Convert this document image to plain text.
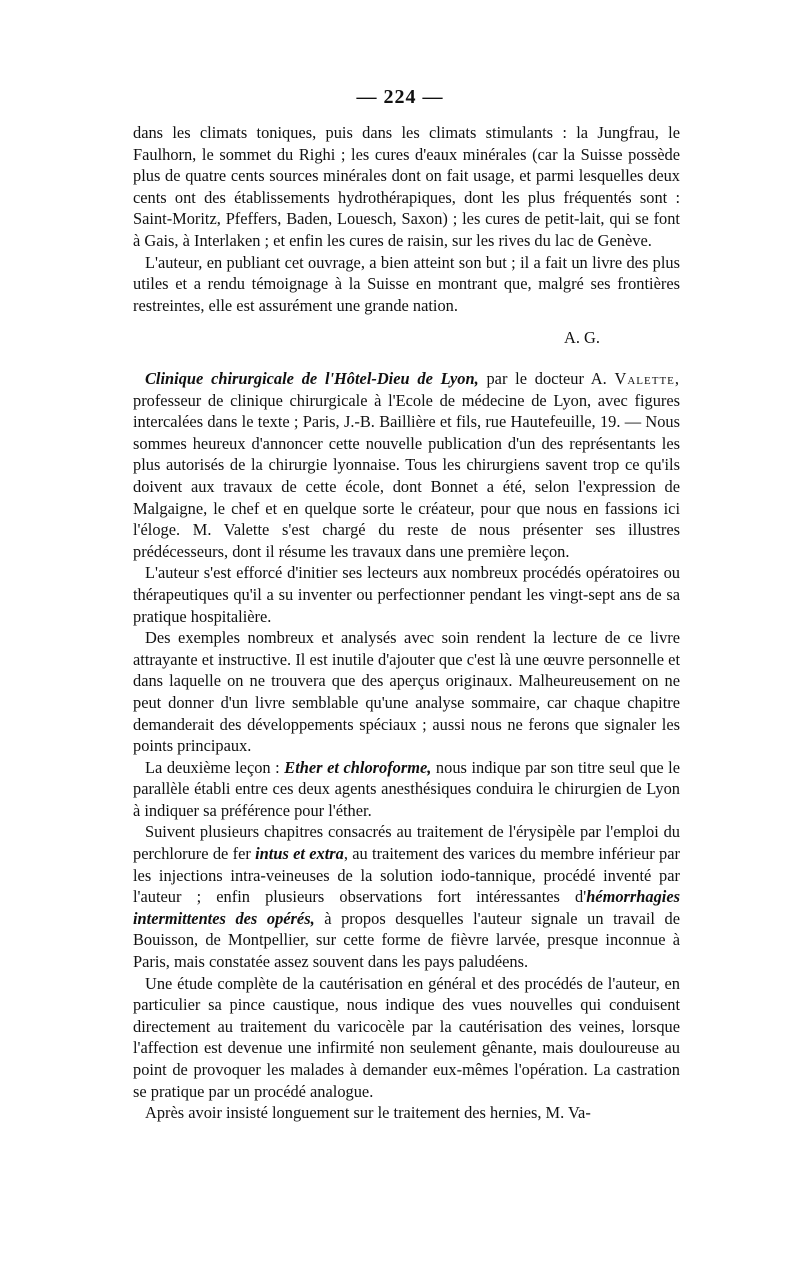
— 224 —

dans les climats toniques, puis dans les climats stimulants : la Jungfrau, le Faulhorn, le sommet du Righi ; les cures d'eaux minérales (car la Suisse possède plus de quatre cents sources minérales dont on fait usage, et parmi lesquelles deux cents ont des établissements hydrothérapiques, dont les plus fréquentés sont : Saint-Moritz, Pfeffers, Baden, Louesch, Saxon) ; les cures de petit-lait, qui se font à Gais, à Interlaken ; et enfin les cures de raisin, sur les rives du lac de Genève.

L'auteur, en publiant cet ouvrage, a bien atteint son but ; il a fait un livre des plus utiles et a rendu témoignage à la Suisse en montrant que, malgré ses frontières restreintes, elle est assurément une grande nation.

A. G.

Clinique chirurgicale de l'Hôtel-Dieu de Lyon, par le docteur A. Valette, professeur de clinique chirurgicale à l'Ecole de médecine de Lyon, avec figures intercalées dans le texte ; Paris, J.-B. Baillière et fils, rue Hautefeuille, 19. — Nous sommes heureux d'annoncer cette nouvelle publication d'un des représentants les plus autorisés de la chirurgie lyonnaise. Tous les chirurgiens savent trop ce qu'ils doivent aux travaux de cette école, dont Bonnet a été, selon l'expression de Malgaigne, le chef et en quelque sorte le créateur, pour que nous en fassions ici l'éloge. M. Valette s'est chargé du reste de nous présenter ses illustres prédécesseurs, dont il résume les travaux dans une première leçon.

L'auteur s'est efforcé d'initier ses lecteurs aux nombreux procédés opératoires ou thérapeutiques qu'il a su inventer ou perfectionner pendant les vingt-sept ans de sa pratique hospitalière.

Des exemples nombreux et analysés avec soin rendent la lecture de ce livre attrayante et instructive. Il est inutile d'ajouter que c'est là une œuvre personnelle et dans laquelle on ne trouvera que des aperçus originaux. Malheureusement on ne peut donner d'un livre semblable qu'une analyse sommaire, car chaque chapitre demanderait des développements spéciaux ; aussi nous ne ferons que signaler les points principaux.

La deuxième leçon : Ether et chloroforme, nous indique par son titre seul que le parallèle établi entre ces deux agents anesthésiques conduira le chirurgien de Lyon à indiquer sa préférence pour l'éther.

Suivent plusieurs chapitres consacrés au traitement de l'érysipèle par l'emploi du perchlorure de fer intus et extra, au traitement des varices du membre inférieur par les injections intra-veineuses de la solution iodo-tannique, procédé inventé par l'auteur ; enfin plusieurs observations fort intéressantes d'hémorrhagies intermittentes des opérés, à propos desquelles l'auteur signale un travail de Bouisson, de Montpellier, sur cette forme de fièvre larvée, presque inconnue à Paris, mais constatée assez souvent dans les pays paludéens.

Une étude complète de la cautérisation en général et des procédés de l'auteur, en particulier sa pince caustique, nous indique des vues nouvelles qui conduisent directement au traitement du varicocèle par la cautérisation des veines, lorsque l'affection est devenue une infirmité non seulement gênante, mais douloureuse au point de provoquer les malades à demander eux-mêmes l'opération. La castration se pratique par un procédé analogue.

Après avoir insisté longuement sur le traitement des hernies, M. Va-
